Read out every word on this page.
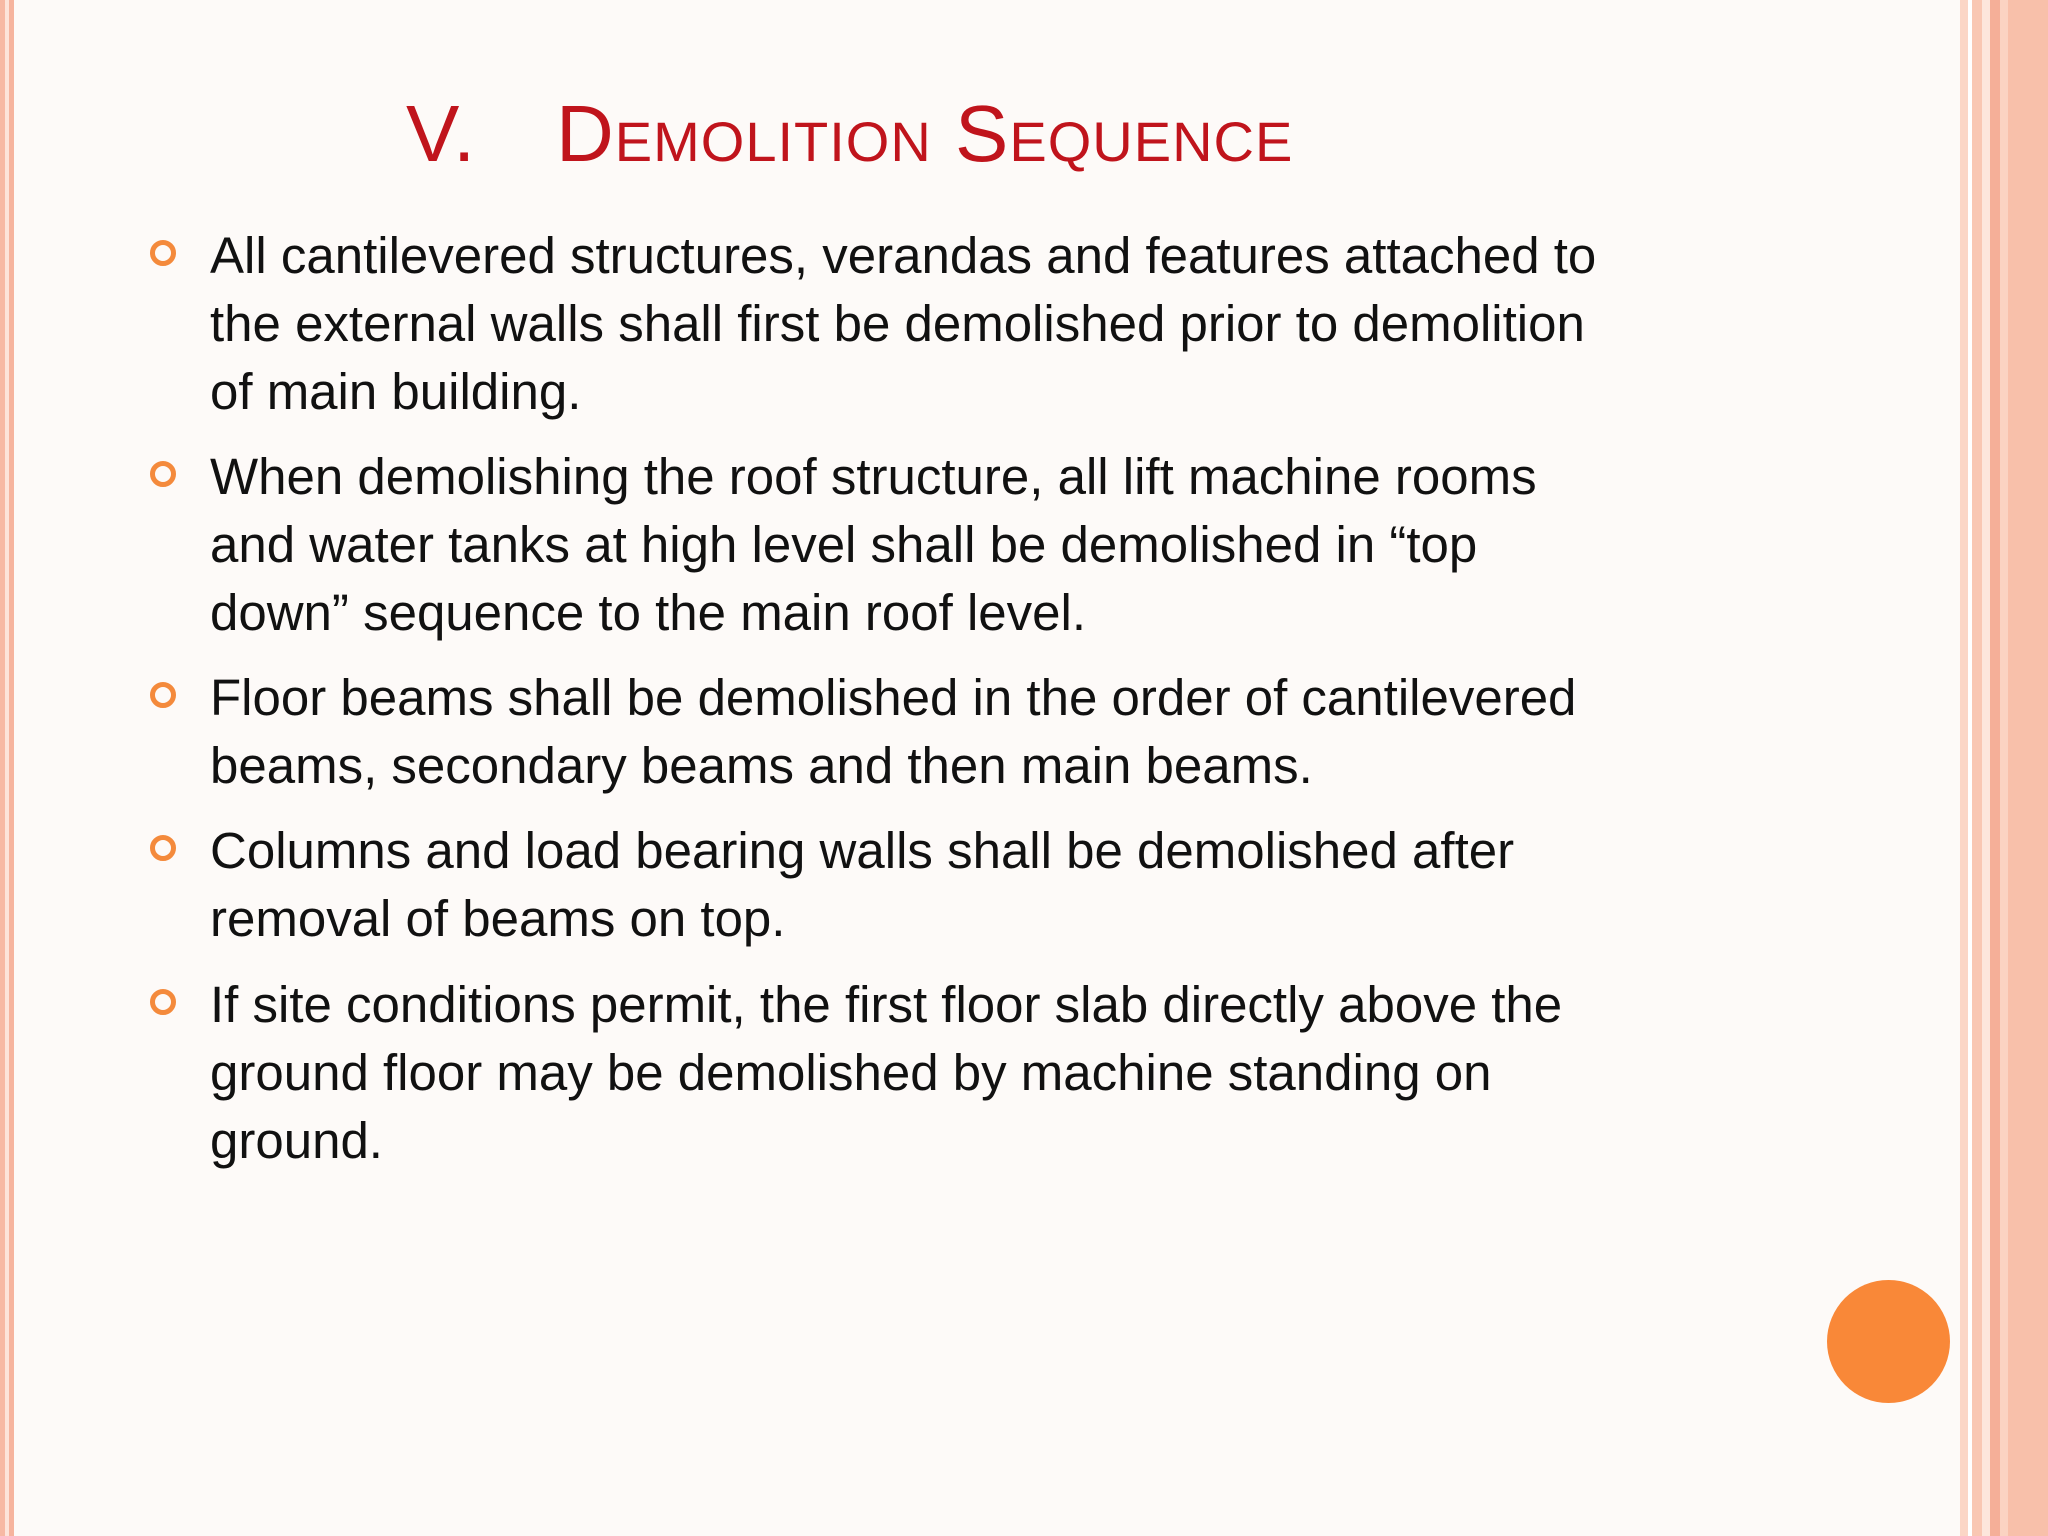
V. Demolition Sequence
All cantilevered structures, verandas and features attached to
the external walls shall first be demolished prior to demolition
of main building.
When demolishing the roof structure, all lift machine rooms
and water tanks at high level shall be demolished in “top
down” sequence to the main roof level.
Floor beams shall be demolished in the order of cantilevered
beams, secondary beams and then main beams.
Columns and load bearing walls shall be demolished after
removal of beams on top.
If site conditions permit, the first floor slab directly above the
ground floor may be demolished by machine standing on
ground.
